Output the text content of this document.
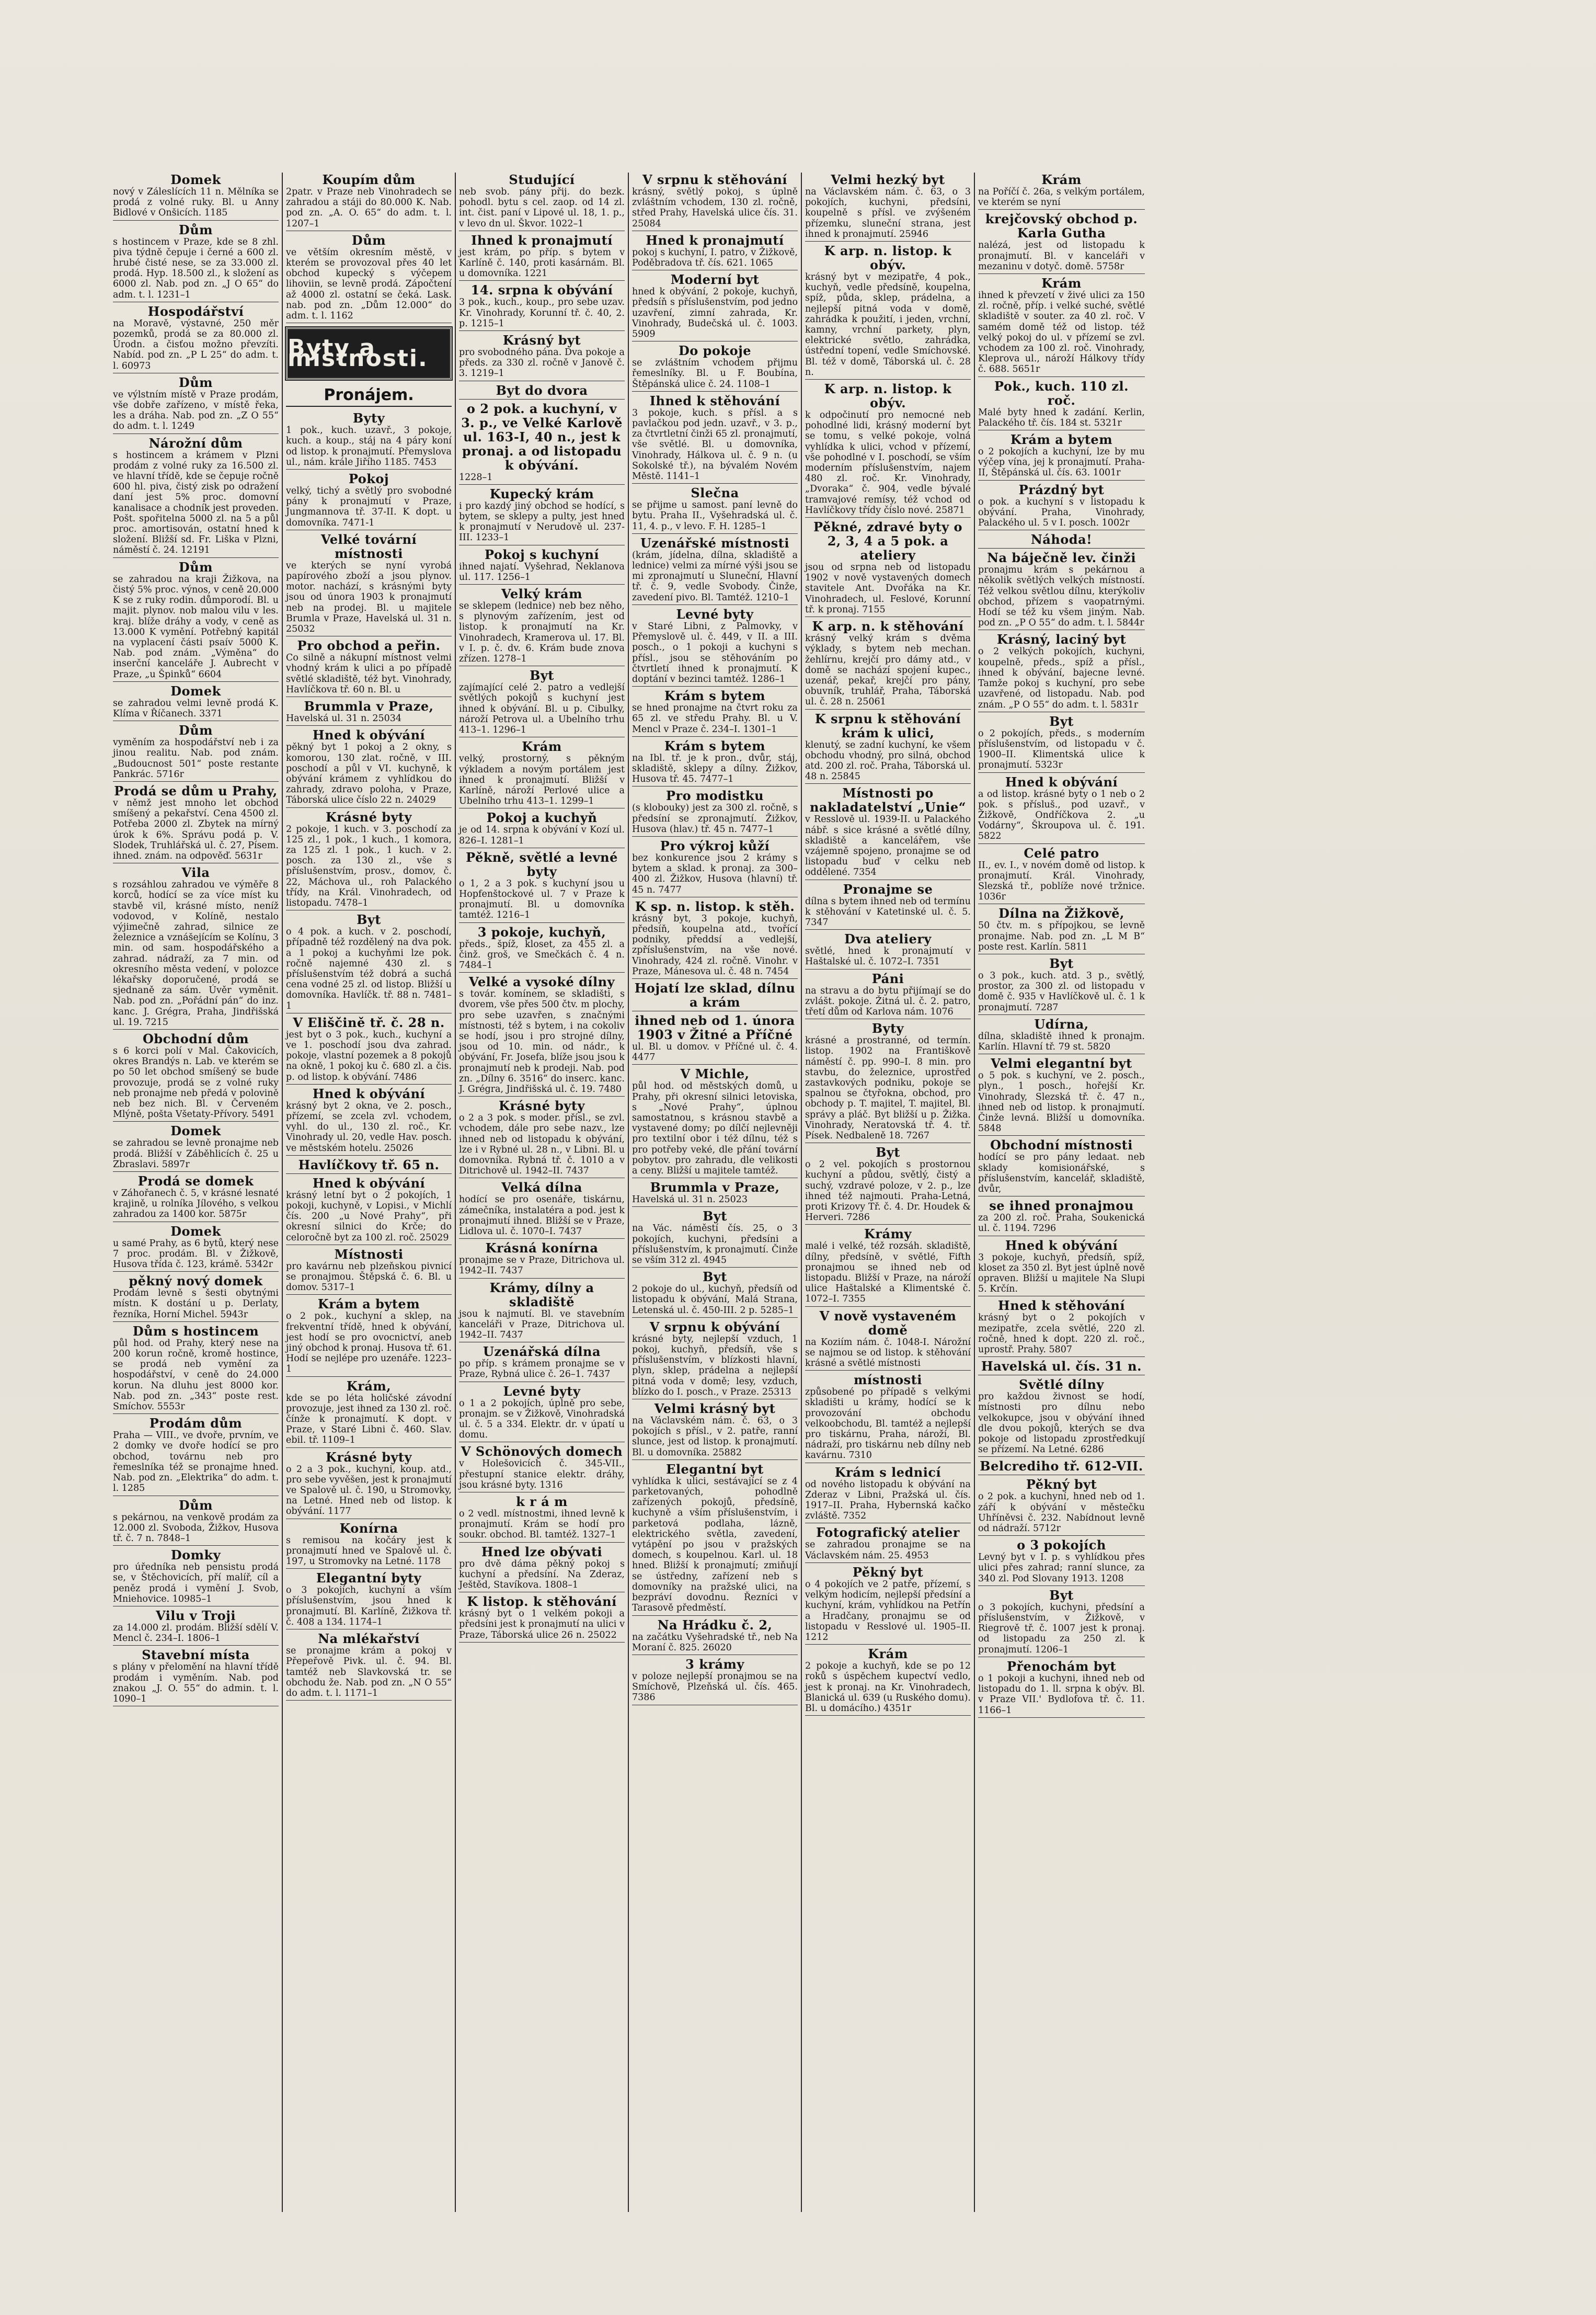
Domek
nový v Záleslících 11 n. Mělníka se prodá z volné ruky. Bl. u Anny Bidlové v Onšicích. 1185
Dům
s hostincem v Praze, kde se 8 zhl. piva týdně čepuje i černé a 600 zl. hrubé čisté nese, se za 33.000 zl. prodá. Hyp. 18.500 zl., k složení as 6000 zl. Nab. pod zn. „J O 65“ do adm. t. l. 1231–1
Hospodářství
na Moravě, výstavné, 250 měr pozemků, prodá se za 80.000 zl. Úrodn. a čisťou možno převzíti. Nabíd. pod zn. „P L 25“ do adm. t. l. 60973
Dům
ve výlstním místě v Praze prodám, vše dobře zařízeno, v místě řeka, les a dráha. Nab. pod zn. „Z O 55“ do adm. t. l. 1249
Nárožní dům
s hostincem a krámem v Plzni prodám z volné ruky za 16.500 zl. ve hlavní třídě, kde se čepuje ročně 600 hl. piva, čistý zisk po odražení daní jest 5% proc. domovní kanalisace a chodník jest proveden. Pošt. spořitelna 5000 zl. na 5 a půl proc. amortisován, ostatní hned k složení. Bližší sd. Fr. Liška v Plzni, náměstí č. 24. 12191
Dům
se zahradou na kraji Žižkova, na čistý 5% proc. výnos, v ceně 20.000 K se z ruky rodin. důmporodí. Bl. u majit. plynov. nob malou vilu v les. kraj. blíže dráhy a vody, v ceně as 13.000 K vymění. Potřebný kapitál na vyplacení části psaív 5000 K. Nab. pod znám. „Výměna“ do inserční kanceláře J. Aubrecht v Praze, „u Špinků“ 6604
Domek
se zahradou velmi levně prodá K. Klíma v Říčanech. 3371
Dům
vyměním za hospodářství neb i za jinou realitu. Nab. pod znám. „Budoucnost 501“ poste restante Pankrác. 5716r
Prodá se dům u Prahy,
v němž jest mnoho let obchod smíšený a pekařství. Cena 4500 zl. Potřeba 2000 zl. Zbytek na mírný úrok k 6%. Správu podá p. V. Slodek, Truhlářská ul. č. 27, Písem. ihned. znám. na odpověď. 5631r
Vila
s rozsáhlou zahradou ve výměře 8 korců, hodící se za více míst ku stavbě vil, krásné místo, neníž vodovod, v Kolíně, nestalo výjimečně zahrad, silnice ze železnice a vznášejícím se Kolínu, 3 min. od sam. hospodářského a zahrad. nádraží, za 7 min. od okresního města vedení, v polozce lékařsky doporučené, prodá se sjednaně za sám. Úvěr vyměnit. Nab. pod zn. „Pořádní pán“ do inz. kanc. J. Grégra, Praha, Jindřišská ul. 19. 7215
Obchodní dům
s 6 korci polí v Mal. Čakovicích, okres Brandýs n. Lab. ve kterém se po 50 let obchod smíšený se bude provozuje, prodá se z volné ruky neb pronajme neb předá v polovině neb bez nich. Bl. v Červeném Mlýně, pošta Všetaty-Přívory. 5491
Domek
se zahradou se levně pronajme neb prodá. Bližší v Záběhlicích č. 25 u Zbraslavi. 5897r
Prodá se domek
v Záhořanech č. 5, v krásné lesnaté krajině, u rolníka Jílového, s velkou zahradou za 1400 kor. 5875r
Domek
u samé Prahy, as 6 bytů, který nese 7 proc. prodám. Bl. v Žižkově, Husova třída č. 123, krámě. 5342r
pěkný nový domek
Prodám levně s šesti obytnými místn. K dostání u p. Derlaty, řezníka, Horní Michel. 5943r
Dům s hostincem
půl hod. od Prahy, který nese na 200 korun ročně, kromě hostince, se prodá neb vymění za hospodářství, v ceně do 24.000 korun. Na dluhu jest 8000 kor. Nab. pod zn. „343“ poste rest. Smíchov. 5553r
Prodám dům
Praha — VIII., ve dvoře, prvním, ve 2 domky ve dvoře hodící se pro obchod, továrnu neb pro řemeslníka též se pronajme hned. Nab. pod zn. „Elektrika“ do adm. t. l. 1285
Dům
s pekárnou, na venkově prodám za 12.000 zl. Svoboda, Žižkov, Husova tř. č. 7 n. 7848–1
Domky
pro úředníka neb pensistu prodá se, v Štěchovicích, pří malíř, cíl a peněz prodá i vymění J. Svob, Mniehovice. 10985–1
Vilu v Troji
za 14.000 zl. prodám. Bližší sdělí V. Mencl č. 234–I. 1806–1
Stavební místa
s plány v přelomění na hlavní třídě prodám i vyměním. Nab. pod znakou „J. O. 55“ do admin. t. l. 1090–1
Koupím dům
2patr. v Praze neb Vinohradech se zahradou a stáji do 80.000 K. Nab. pod zn. „A. O. 65“ do adm. t. l. 1207–1
Dům
ve větším okresním městě, v kterém se provozoval přes 40 let obchod kupecký s výčepem lihoviin, se levně prodá. Zápočtení až 4000 zl. ostatní se čeká. Lask. nab. pod zn. „Dům 12.000“ do adm. t. l. 1162
Byty a místnosti.
Pronájem.
Byty
1 pok., kuch. uzavř., 3 pokoje, kuch. a koup., stáj na 4 páry koní od listop. k pronajmutí. Přemyslova ul., nám. krále Jiřího 1185. 7453
Pokoj
velký, tichý a světlý pro svobodné pány k pronajmutí v Praze, Jungmannova tř. 37-II. K dopt. u domovníka. 7471-1
Velké tovární místnosti
ve kterých se nyní vyrobá papírového zboží a jsou plynov. motor. nachází, s krásnými byty jsou od února 1903 k pronajmutí neb na prodej. Bl. u majitele Brumla v Praze, Havelská ul. 31 n. 25032
Pro obchod a peřin.
Co silně a nákupní místnost velmi vhodný krám k ulici a po případě světlé skladiště, též byt. Vinohrady, Havlíčkova tř. 60 n. Bl. u
Brummla v Praze,
Havelská ul. 31 n. 25034
Hned k obývání
pěkný byt 1 pokoj a 2 okny, s komorou, 130 zlat. ročně, v III. poschodí a půl v VI. kuchyně, k obývání krámem z vyhlídkou do zahrady, zdravo poloha, v Praze, Táborská ulice číslo 22 n. 24029
Krásné byty
2 pokoje, 1 kuch. v 3. poschodí za 125 zl., 1 pok., 1 kuch., 1 komora, za 125 zl. 1 pok., 1 kuch. v 2. posch. za 130 zl., vše s příslušenstvím, prosv., domov, č. 22, Máchova ul., roh Palackého třídy, na Král. Vinohradech, od listopadu. 7478–1
Byt
o 4 pok. a kuch. v 2. poschodí, případně též rozdělený na dva pok. a 1 pokoj a kuchyňmi lze pok. ročně najemné 430 zl. s příslušenstvím též dobrá a suchá cena vodné 25 zl. od listop. Bližší u domovníka. Havlíčk. tř. 88 n. 7481–1
V Eliščině tř. č. 28 n.
jest byt o 3 pok., kuch., kuchyní a ve 1. poschodí jsou dva zahrad. pokoje, vlastní pozemek a 8 pokojů na okně, 1 pokoj ku č. 680 zl. a čis. p. od listop. k obývání. 7486
Hned k obývání
krásný byt 2 okna, ve 2. posch., přízemí, se zcela zvl. vchodem, vyhl. do ul., 130 zl. roč., Kr. Vinohrady ul. 20, vedle Hav. posch. ve městském hotelu. 25026
Havlíčkovy tř. 65 n.
Hned k obývání
krásný letní byt o 2 pokojích, 1 pokoji, kuchyně, v Lopisi., v Michlí čís. 200 „u Nové Prahy“, při okresní silnici do Krče; do celoročně byt za 100 zl. roč. 25029
Místnosti
pro kavárnu neb plzeňskou pivnicí se pronajmou. Štěpská č. 6. Bl. u domov. 5317–1
Krám a bytem
o 2 pok., kuchyní a sklep, na frekventní třídě, hned k obývání, jest hodí se pro ovocnictví, aneb jiný obchod k pronaj. Husova tř. 61. Hodí se nejlépe pro uzenáře. 1223–1
Krám,
kde se po léta holičské závodní provozuje, jest ihned za 130 zl. roč. čínže k pronajmutí. K dopt. v Praze, v Staré Libni č. 460. Slav. ebil. tř. 1109–1
Krásné byty
o 2 a 3 pok., kuchyni, koup. atd., pro sebe vyvěšen, jest k pronajmutí ve Spalově ul. č. 190, u Stromovky, na Letné. Hned neb od listop. k obývání. 1177
Konírna
s remisou na kočáry jest k pronajmutí hned ve Spalově ul. č. 197, u Stromovky na Letné. 1178
Elegantní byty
o 3 pokojích, kuchyní a vším příslušenstvím, jsou hned k pronajmutí. Bl. Karlíně, Žižkova tř. č. 408 a 134. 1174–1
Na mlékařství
se pronajme krám a pokoj v Přepeřově Pivk. ul. č. 94. Bl. tamtéž neb Slavkovská tr. se obchodu že. Nab. pod zn. „N O 55“ do adm. t. l. 1171–1
Studující
neb svob. pány přij. do bezk. pohodl. bytu s cel. zaop. od 14 zl. int. čist. paní v Lipové ul. 18, 1. p., v levo dn ul. Škvor. 1022–1
Ihned k pronajmutí
jest krám, po příp. s bytem v Karlíně č. 140, proti kasárnám. Bl. u domovníka. 1221
14. srpna k obývání
3 pok., kuch., koup., pro sebe uzav. Kr. Vinohrady, Korunní tř. č. 40, 2. p. 1215–1
Krásný byt
pro svobodného pána. Dva pokoje a předs. za 330 zl. ročně v Janově č. 3. 1219–1
Byt do dvora
o 2 pok. a kuchyní, v 3. p., ve Velké Karlově ul. 163-I, 40 n., jest k pronaj. a od listopadu k obývání.
1228–1
Kupecký krám
i pro kazdý jiný obchod se hodící, s bytem, se sklepy a pulty, jest hned k pronajmutí v Nerudově ul. 237-III. 1233–1
Pokoj s kuchyní
ihned najatí. Vyšehrad, Neklanova ul. 117. 1256–1
Velký krám
se sklepem (lednice) neb bez něho, s plynovým zařízením, jest od listop. k pronajmutí na Kr. Vinohradech, Kramerova ul. 17. Bl. v I. p. č. dv. 6. Krám bude znova zřízen. 1278–1
Byt
zajímající celé 2. patro a vedlejší světlých pokojů s kuchyní jest ihned k obývání. Bl. u p. Cibulky, nároží Petrova ul. a Ubelního trhu 413–1. 1296–1
Krám
velký, prostorný, s pěkným výkladem a novým portálem jest ihned k pronajmutí. Bližší v Karlíně, nároží Perlové ulice a Ubelního trhu 413–1. 1299–1
Pokoj a kuchyň
je od 14. srpna k obývání v Kozí ul. 826–I. 1281–1
Pěkně, světlé a levné byty
o 1, 2 a 3 pok. s kuchyní jsou u Hopfenštockové ul. 7 v Praze k pronajmutí. Bl. u domovníka tamtéž. 1216–1
3 pokoje, kuchyň,
předs., špíž, kloset, za 455 zl. a činž. groš, ve Smečkách č. 4 n. 7484–1
Velké a vysoké dílny
s továr. komínem, se skladišti, s dvorem, vše přes 500 čtv. m plochy, pro sebe uzavřen, s značnými místnosti, též s bytem, i na cokoliv se hodí, jsou i pro strojné dílny, jsou od 10. min. od nádr., k obývání, Fr. Josefa, blíže jsou jsou k pronajmutí neb k prodeji. Nab. pod zn. „Dílny 6. 3516“ do inserc. kanc. J. Grégra, Jindřišská ul. č. 19. 7480
Krásné byty
o 2 a 3 pok. s moder. přísl., se zvl. vchodem, dále pro sebe nazv., lze ihned neb od listopadu k obývání, lze i v Rybné ul. 28 n., v Libni. Bl. u domovníka. Rybná tř. č. 1010 a v Ditrichově ul. 1942–II. 7437
Velká dílna
hodící se pro osenáře, tiskárnu, zámečníka, instalatéra a pod. jest k pronajmutí ihned. Bližší se v Praze, Lidlova ul. č. 1070–I. 7437
Krásná konírna
pronajme se v Praze, Ditrichova ul. 1942–II. 7437
Krámy, dílny a skladiště
jsou k najmutí. Bl. ve stavebním kanceláři v Praze, Ditrichova ul. 1942–II. 7437
Uzenářská dílna
po příp. s krámem pronajme se v Praze, Rybná ulice č. 26–1. 7437
Levné byty
o 1 a 2 pokojích, úplně pro sebe, pronajm. se v Žižkově, Vinohradská ul. č. 5 a 334. Elektr. dr. v úpatí u domu.
V Schönových domech
v Holešovicích č. 345-VII., přestupní stanice elektr. dráhy, jsou krásné byty. 1316
k r á m
o 2 vedl. místnostmi, ihned levně k pronajmutí. Krám se hodí pro soukr. obchod. Bl. tamtéž. 1327–1
Hned lze obývati
pro dvě dáma pěkný pokoj s kuchyní a předsíní. Na Zderaz, Ještěd, Stavíkova. 1808–1
K listop. k stěhování
krásný byt o 1 velkém pokoji a předsíni jest k pronajmutí na ulici v Praze, Táborská ulice 26 n. 25022
V srpnu k stěhování
krásný, světlý pokoj, s úplně zvláštním vchodem, 130 zl. ročně, střed Prahy, Havelská ulice čís. 31. 25084
Hned k pronajmutí
pokoj s kuchyní, I. patro, v Žižkově, Poděbradova tř. čís. 621. 1065
Moderní byt
hned k obývání, 2 pokoje, kuchyň, předsíň s příslušenstvím, pod jedno uzavření, zimní zahrada, Kr. Vinohrady, Budečská ul. č. 1003. 5909
Do pokoje
se zvláštním vchodem přijmu řemeslníky. Bl. u F. Boubína, Štěpánská ulice č. 24. 1108–1
Ihned k stěhování
3 pokoje, kuch. s přísl. a s pavlačkou pod jedn. uzavř., v 3. p., za čtvrtletní činži 65 zl. pronajmutí, vše světlé. Bl. u domovníka, Vinohrady, Hálkova ul. č. 9 n. (u Sokolské tř.), na bývalém Novém Městě. 1141–1
Slečna
se přijme u samost. paní levně do bytu. Praha II., Vyšehradská ul. č. 11, 4. p., v levo. F. H. 1285–1
Uzenářské místnosti
(krám, jídelna, dílna, skladiště a lednice) velmi za mírné výši jsou se mi zpronajmutí u Sluneční, Hlavní tř. č. 9, vedle Svobody. Činže, zavedení pivo. Bl. Tamtéž. 1210–1
Levné byty
v Staré Libni, z Palmovky, v Přemyslově ul. č. 449, v II. a III. posch., o 1 pokoji a kuchyni s přísl., jsou se stěhováním po čtvrtletí ihned k pronajmutí. K doptání v bezinci tamtéž. 1286–1
Krám s bytem
se hned pronajme na čtvrt roku za 65 zl. ve středu Prahy. Bl. u V. Mencl v Praze č. 234–I. 1301–1
Krám s bytem
na Ibl. tř. je k pron., dvůr, stáj, skladiště, sklepy a dílny. Žižkov, Husova tř. 45. 7477–1
Pro modistku
(s klobouky) jest za 300 zl. ročně, s předsíní se zpronajmutí. Žižkov, Husova (hlav.) tř. 45 n. 7477–1
Pro výkroj kůží
bez konkurence jsou 2 krámy s bytem a sklad. k pronaj. za 300–400 zl. Žižkov, Husova (hlavní) tř. 45 n. 7477
K sp. n. listop. k stěh.
krásný byt, 3 pokoje, kuchyň, předsíň, koupelna atd., tvořící podniky, předdsí a vedlejší, zpříslušenstvím, na vše nové. Vinohrady, 424 zl. ročně. Vinohr. v Praze, Mánesova ul. č. 48 n. 7454
Hojatí lze sklad, dílnu a krám
ihned neb od 1. února 1903 v Žitné a Příčné
ul. Bl. u domov. v Příčné ul. č. 4. 4477
V Michle,
půl hod. od městských domů, u Prahy, při okresní silnici letoviska, s „Nové Prahy“, úplnou samostatnou, s krásnou stavbě a vystavené domy; po dílčí nejlevněji pro textilní obor i též dílnu, též s pro potřeby veké, dle přání tovární pobytov. pro zahradu, dle velikosti a ceny. Bližší u majitele tamtéž.
Brummla v Praze,
Havelská ul. 31 n. 25023
Byt
na Vác. náměstí čís. 25, o 3 pokojích, kuchyni, předsíni a příslušenstvím, k pronajmutí. Činže se vším 312 zl. 4945
Byt
2 pokoje do ul., kuchyň, předsíň od listopadu k obývání, Malá Strana, Letenská ul. č. 450-III. 2 p. 5285–1
V srpnu k obývání
krásné byty, nejlepší vzduch, 1 pokoj, kuchyň, předsíň, vše s příslušenstvím, v blízkosti hlavní, plyn, sklep, prádelna a nejlepší pitná voda v domě; lesy, vzduch, blízko do I. posch., v Praze. 25313
Velmi krásný byt
na Václavském nám. č. 63, o 3 pokojích s přísl., v 2. patře, ranní slunce, jest od listop. k pronajmutí. Bl. u domovníka. 25882
Elegantní byt
vyhlídka k ulici, sestávající se z 4 parketovaných, pohodlně zařízených pokojů, předsíně, kuchyně a vším příslušenstvím, i parketová podlaha, lázně, elektrického světla, zavedení, vytápění po jsou v pražských domech, s koupelnou. Karl. ul. 18 hned. Bližší k pronajmutí; zmiňují se ústředny, zařízení neb s domovníky na pražské ulici, na bezpráví dovodnu. Řezníci v Tarasově předměstí.
Na Hrádku č. 2,
na začátku Vyšehradské tř., neb Na Moraní č. 825. 26020
3 krámy
v poloze nejlepší pronajmou se na Smíchově, Plzeňská ul. čís. 465. 7386
Velmi hezký byt
na Václavském nám. č. 63, o 3 pokojích, kuchyni, předsíni, koupelně s přísl. ve zvýšeném přízemku, sluneční strana, jest ihned k pronajmutí. 25946
K arp. n. listop. k obýv.
krásný byt v mezipatře, 4 pok., kuchyň, vedle předsíně, koupelna, spíž, půda, sklep, prádelna, a nejlepší pitná voda v domě, zahrádka k použití, i jeden, vrchní, kamny, vrchní parkety, plyn, elektrické světlo, zahrádka, ústřední topení, vedle Smíchovské. Bl. též v domě, Táborská ul. č. 28 n.
K arp. n. listop. k obýv.
k odpočinutí pro nemocné neb pohodlné lidi, krásný moderní byt se tomu, s velké pokoje, volná vyhlídka k ulici, vchod v přízemí, vše pohodlné v I. poschodí, se vším moderním příslušenstvím, najem 480 zl. roč. Kr. Vinohrady, „Dvoraka“ č. 904, vedle bývalé tramvajové remísy, též vchod od Havlíčkovy třídy číslo nové. 25871
Pěkné, zdravé byty o 2, 3, 4 a 5 pok. a ateliery
jsou od srpna neb od listopadu 1902 v nově vystavených domech stavitele Ant. Dvořáka na Kr. Vinohradech, ul. Feslové, Korunní tř. k pronaj. 7155
K arp. n. k stěhování
krásný velký krám s dvěma výklady, s bytem neb mechan. žehlírnu, krejčí pro dámy atd., v domě se nachází spojení kupec., uzenář, pekař, krejčí pro pány, obuvník, truhlář, Praha, Táborská ul. č. 28 n. 25061
K srpnu k stěhování krám k ulici,
klenutý, se zadní kuchyní, ke všem obchodu vhodný, pro silná, obchod atd. 200 zl. roč. Praha, Táborská ul. 48 n. 25845
Místnosti po nakladatelství „Unie“
v Resslově ul. 1939-II. u Palackého nábř. s sice krásné a světlé dílny, skladiště a kancelářem, vše vzájemně spojeno, pronajme se od listopadu buď v celku neb oddělené. 7354
Pronajme se
dílna s bytem ihned neb od termínu k stěhování v Katetinské ul. č. 5. 7347
Dva ateliery
světlé, hned k pronajmutí v Haštalské ul. č. 1072–I. 7351
Páni
na stravu a do bytu přijímají se do zvlášt. pokoje. Žitná ul. č. 2. patro, třetí dům od Karlova nám. 1076
Byty
krásné a prostranné, od termín. listop. 1902 na Františkově náměstí č. pp. 990–I. 8 min. pro stavbu, do železnice, uprostřed zastavkových podniku, pokoje se spalnou se čtyřokna, obchod, pro obchody p. T. majitel, T. majitel, Bl. správy a pláč. Byt bližší u p. Žižka. Vinohrady, Neratovská tř. 4. tř. Písek. Nedbaleně 18. 7267
Byt
o 2 vel. pokojích s prostornou kuchyní a půdou, světlý, čistý a suchý, vzdravé poloze, v 2. p., lze ihned též najmouti. Praha-Letná, proti Krizovy Tř. č. 4. Dr. Houdek & Herveri. 7286
Krámy
malé i velké, též rozsáh. skladiště, dílny, předsíně, v světlé, Fifth pronajmou se ihned neb od listopadu. Bližší v Praze, na nároží ulice Haštalské a Klimentské č. 1072–I. 7355
V nově vystaveném domě
na Koziím nám. č. 1048-I. Nárožní se najmou se od listop. k stěhování krásné a světlé místnosti
místnosti
způsobené po případě s velkými skladišti u krámy, hodící se k provozování obchodu velkoobchodu, Bl. tamtéž a nejlepší pro tiskárnu, Praha, nároží, Bl. nádraží, pro tiskárnu neb dílny neb kavárnu. 7310
Krám s lednicí
od nového listopadu k obývání na Zderaz v Libni, Pražská ul. čís. 1917–II. Praha, Hybernská kačko zvláště. 7352
Fotografický atelier
se zahradou pronajme se na Václavském nám. 25. 4953
Pěkný byt
o 4 pokojích ve 2 patře, přízemí, s velkým hodicím, nejlepší předsíní a kuchyní, krám, vyhlídkou na Petřín a Hradčany, pronajmu se od listopadu v Resslové ul. 1905–II. 1212
Krám
2 pokoje a kuchyň, kde se po 12 roků s úspěchem kupectví vedlo, jest k pronaj. na Kr. Vinohradech, Blanická ul. 639 (u Ruského domu). Bl. u domácího.) 4351r
Krám
na Poříčí č. 26a, s velkým portálem, ve kterém se nyní
krejčovský obchod p. Karla Gutha
nalézá, jest od listopadu k pronajmutí. Bl. v kanceláři v mezaninu v dotyč. domě. 5758r
Krám
ihned k převzetí v živé ulici za 150 zl. ročně, příp. i velké suché, světlé skladiště v souter. za 40 zl. roč. V samém domě též od listop. též velký pokoj do ul. v přízemí se zvl. vchodem za 100 zl. roč. Vinohrady, Kleprova ul., nároží Hálkovy třídy č. 688. 5651r
Pok., kuch. 110 zl. roč.
Malé byty hned k zadání. Kerlin, Palackého tř. čís. 184 st. 5321r
Krám a bytem
o 2 pokojích a kuchyní, lze by mu výčep vína, jej k pronajmutí. Praha-II, Štěpánská ul. čís. 63. 1001r
Prázdný byt
o pok. a kuchyní s v listopadu k obývání. Praha, Vinohrady, Palackého ul. 5 v I. posch. 1002r
Náhoda!
Na báječně lev. činži
pronajmu krám s pekárnou a několik světlých velkých místností. Též velkou světlou dílnu, kterýkoliv obchod, přízem s vaopatrnými. Hodí se též ku všem jiným. Nab. pod zn. „P O 55“ do adm. t. l. 5844r
Krásný, laciný byt
o 2 velkých pokojích, kuchyni, koupelně, předs., spíž a přísl., ihned k obývání, bajecne levné. Tamže pokoj s kuchyní, pro sebe uzavřené, od listopadu. Nab. pod znám. „P O 55“ do adm. t. l. 5831r
Byt
o 2 pokojích, předs., s moderním příslušenstvím, od listopadu v č. 1900–II. Klimentská ulice k pronajmutí. 5323r
Hned k obývání
a od listop. krásné byty o 1 neb o 2 pok. s přísluš., pod uzavř., v Žižkově, Ondříčkova 2. „u Vodárny“, Škroupova ul. č. 191. 5822
Celé patro
II., ev. I., v novém domě od listop. k pronajmutí. Král. Vinohrady, Slezská tř., poblíže nové tržnice. 1036r
Dílna na Žižkově,
50 čtv. m. s přípojkou, se levně pronajme. Nab. pod zn. „L M B“ poste rest. Karlín. 5811
Byt
o 3 pok., kuch. atd. 3 p., světlý, prostor, za 300 zl. od listopadu v domě č. 935 v Havlíčkově ul. č. 1 k pronajmutí. 7287
Udírna,
dílna, skladiště ihned k pronajm. Karlín. Hlavní tř. 79 st. 5820
Velmi elegantní byt
o 5 pok. s kuchyní, ve 2. posch., plyn., 1 posch., hořejší Kr. Vinohrady, Slezská tř. č. 47 n., ihned neb od listop. k pronajmutí. Činže levná. Bližší u domovníka. 5848
Obchodní místnosti
hodící se pro pány ledaat. neb sklady komisionářské, s příslušenstvím, kancelář, skladiště, dvůr,
se ihned pronajmou
za 200 zl. roč. Praha, Soukenická ul. č. 1194. 7296
Hned k obývání
3 pokoje, kuchyň, předsíň, spíž, kloset za 350 zl. Byt jest úplně nově opraven. Bližší u majitele Na Slupi 5. Krčín.
Hned k stěhování
krásný byt o 2 pokojích v mezipatře, zcela světlé, 220 zl. ročně, hned k dopt. 220 zl. roč., uprostř. Prahy. 5807
Havelská ul. čís. 31 n.
Světlé dílny
pro každou živnost se hodí, místnosti pro dílnu nebo velkokupce, jsou v obývání ihned dle dvou pokojů, kterých se dva pokoje od listopadu zprostředkují se přízemí. Na Letné. 6286
Belcrediho tř. 612-VII.
Pěkný byt
o 2 pok. a kuchyní, hned neb od 1. září k obývání v městečku Uhříněvsi č. 232. Nabídnout levně od nádraží. 5712r
o 3 pokojích
Levný byt v I. p. s vyhlídkou přes ulici přes zahrad; ranní slunce, za 340 zl. Pod Slovany 1913. 1208
Byt
o 3 pokojích, kuchyni, předsíní a příslušenstvím, v Žižkově, v Riegrově tř. č. 1007 jest k pronaj. od listopadu za 250 zl. k pronajmutí. 1206–1
Přenochám byt
o 1 pokoji a kuchyni, ihned neb od listopadu do 1. ll. srpna k obýv. Bl. v Praze VII.' Bydlofova tř. č. 11. 1166–1
